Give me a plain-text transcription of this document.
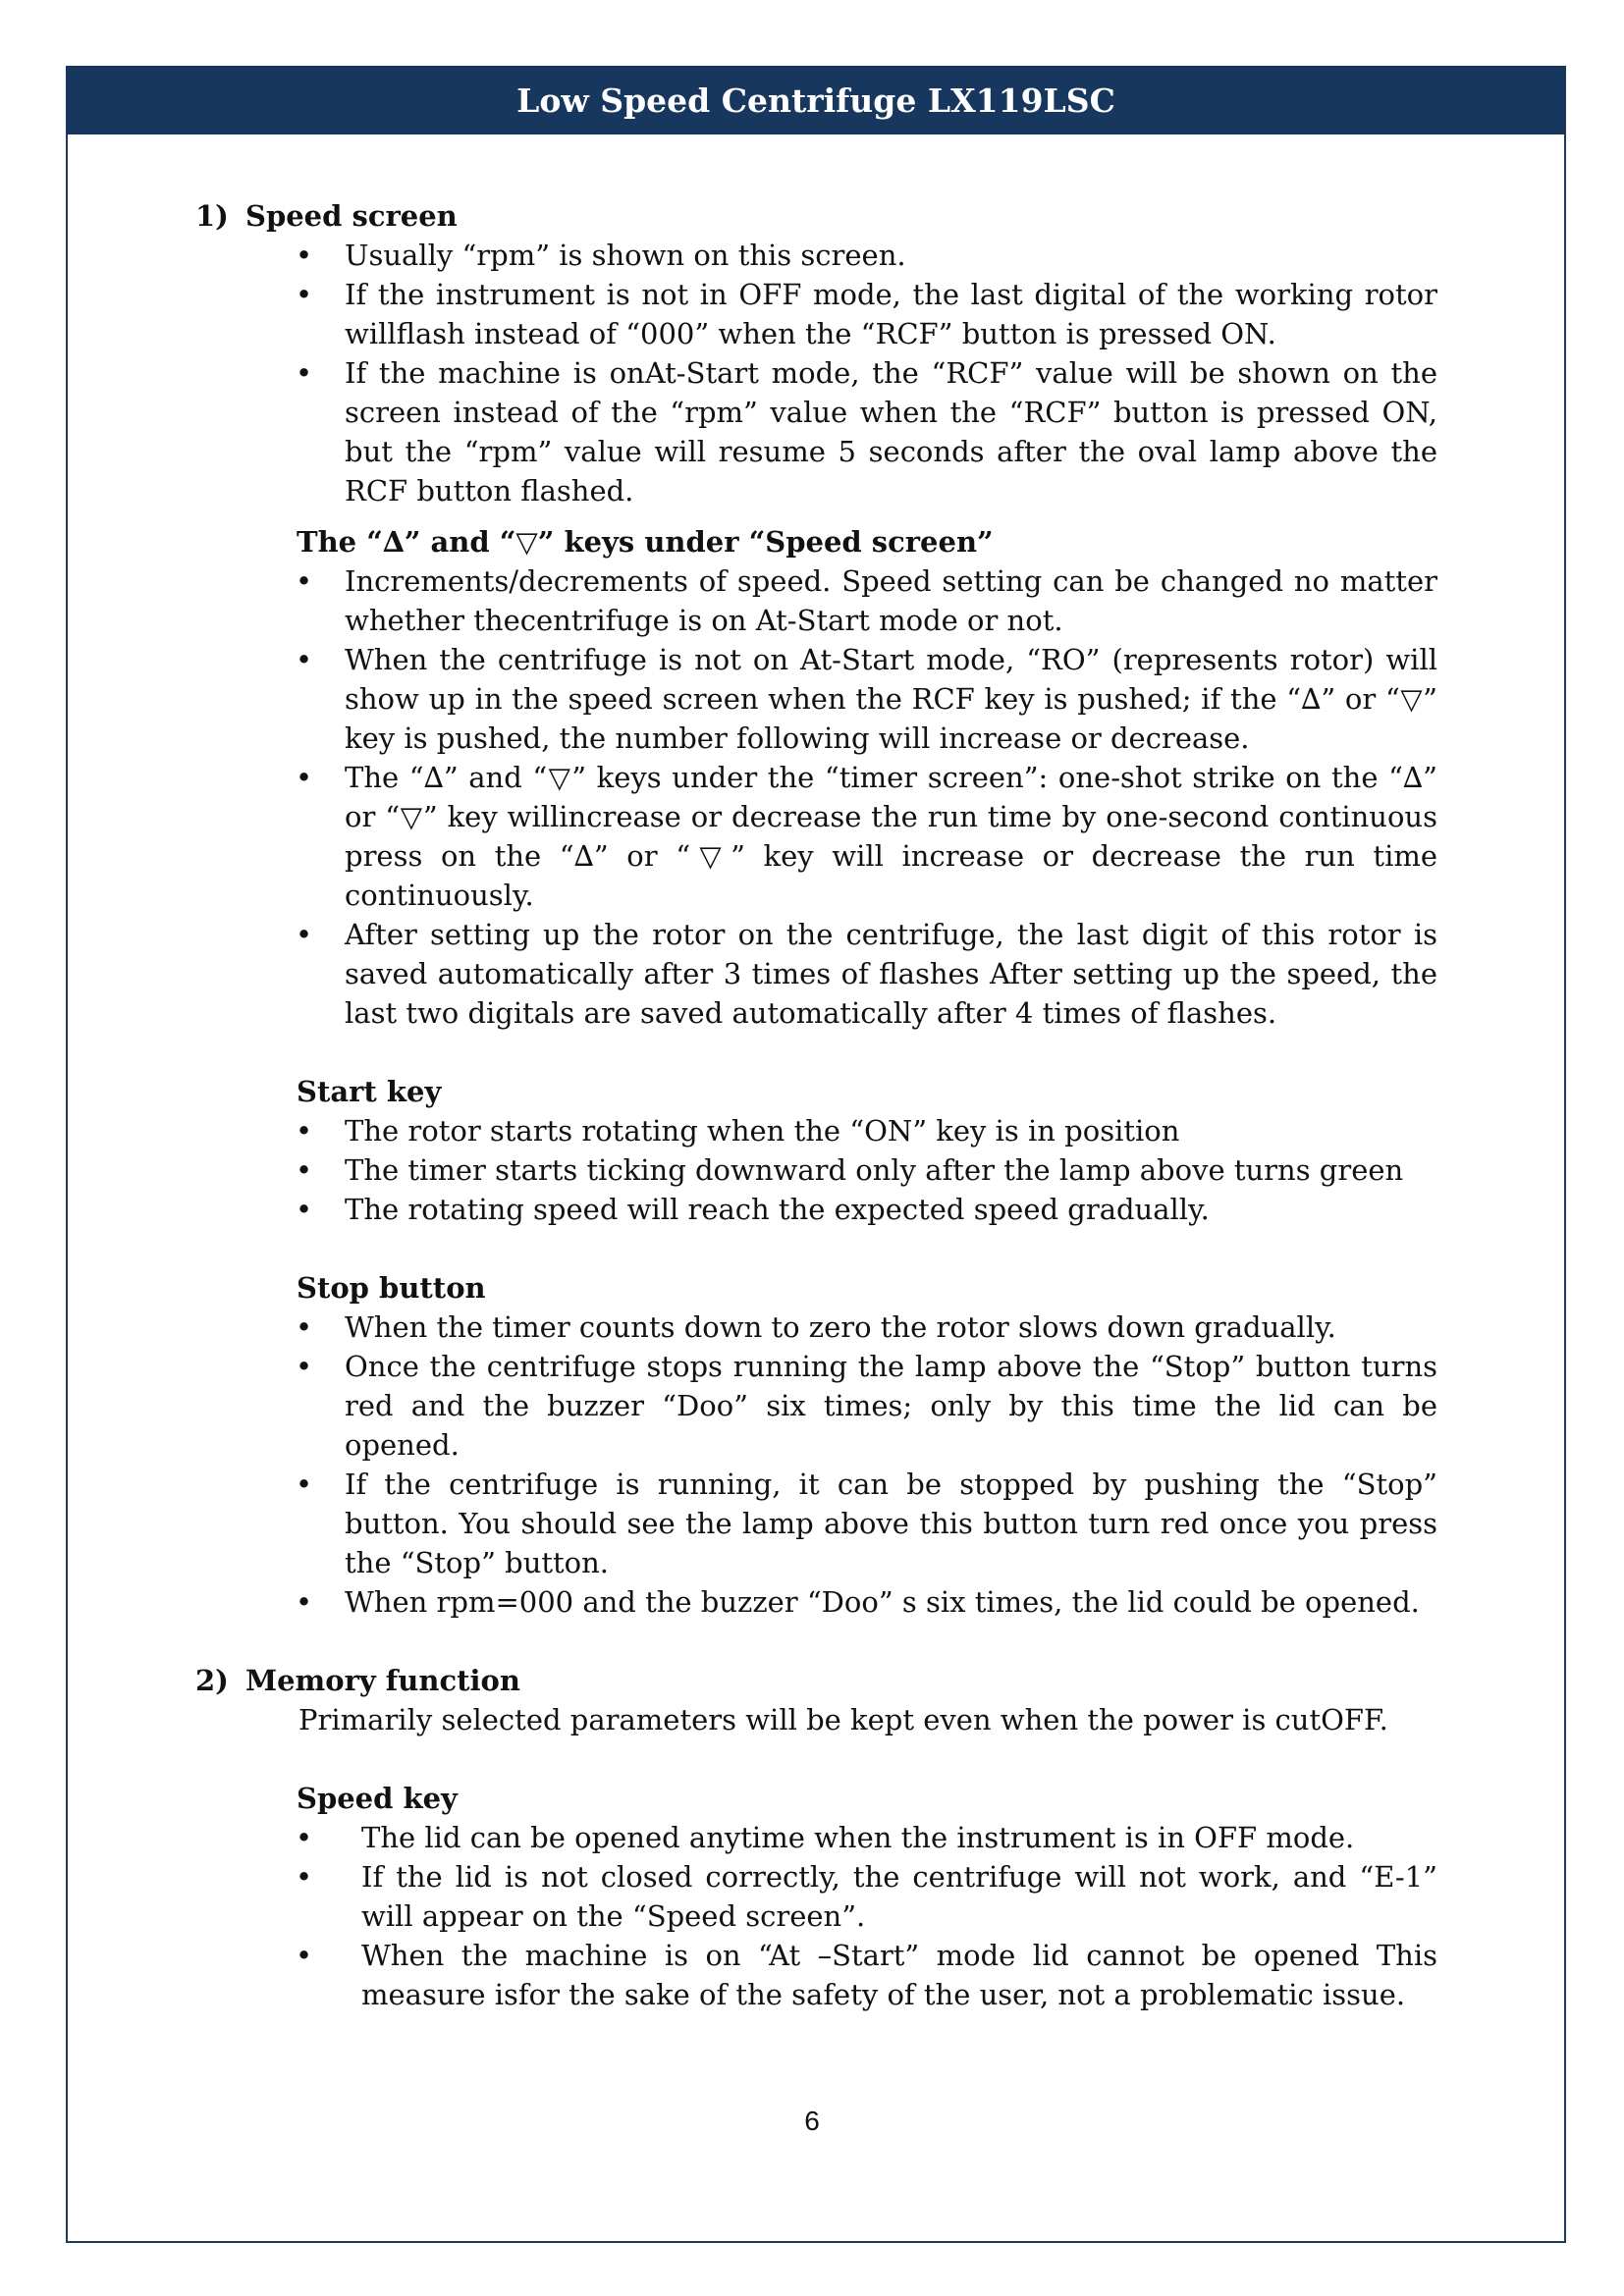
Low Speed Centrifuge LX119LSC
1) Speed screen
• Usually “rpm” is shown on this screen.
• If the instrument is not in OFF mode, the last digital of the working rotor willflash instead of “000” when the “RCF” button is pressed ON.
• If the machine is onAt-Start mode, the “RCF” value will be shown on the screen instead of the “rpm” value when the “RCF” button is pressed ON, but the “rpm” value will resume 5 seconds after the oval lamp above the RCF button flashed.
The “∆” and “▽” keys under “Speed screen”
• Increments/decrements of speed. Speed setting can be changed no matter whether thecentrifuge is on At-Start mode or not.
• When the centrifuge is not on At-Start mode, “RO” (represents rotor) will show up in the speed screen when the RCF key is pushed; if the “∆” or “▽” key is pushed, the number following will increase or decrease.
• The “∆” and “▽” keys under the “timer screen”: one-shot strike on the “∆” or “▽” key willincrease or decrease the run time by one-second continuous press on the “∆” or “▽” key will increase or decrease the run time continuously.
• After setting up the rotor on the centrifuge, the last digit of this rotor is saved automatically after 3 times of flashes After setting up the speed, the last two digitals are saved automatically after 4 times of flashes.
Start key
• The rotor starts rotating when the “ON” key is in position
• The timer starts ticking downward only after the lamp above turns green
• The rotating speed will reach the expected speed gradually.
Stop button
• When the timer counts down to zero the rotor slows down gradually.
• Once the centrifuge stops running the lamp above the “Stop” button turns red and the buzzer “Doo” six times; only by this time the lid can be opened.
• If the centrifuge is running, it can be stopped by pushing the “Stop” button. You should see the lamp above this button turn red once you press the “Stop” button.
• When rpm=000 and the buzzer “Doo” s six times, the lid could be opened.
2) Memory function

Primarily selected parameters will be kept even when the power is cutOFF.

Speed key
• The lid can be opened anytime when the instrument is in OFF mode.
• If the lid is not closed correctly, the centrifuge will not work, and “E-1” will appear on the “Speed screen”.
• When the machine is on “At –Start” mode lid cannot be opened This measure isfor the sake of the safety of the user, not a problematic issue.
6
